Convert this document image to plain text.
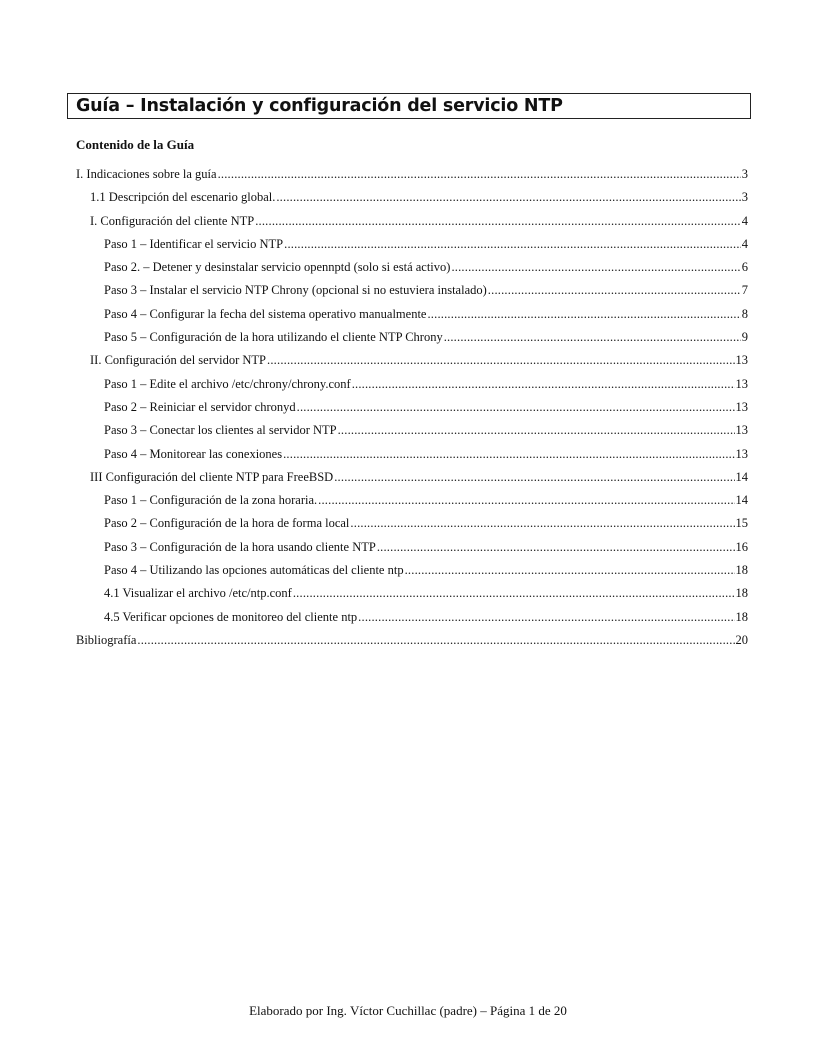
Guía – Instalación y configuración del servicio NTP
Contenido de la Guía
I. Indicaciones sobre la guía .....	3
1.1 Descripción del escenario global. .....	3
I. Configuración del cliente NTP .....	4
Paso 1 – Identificar el servicio NTP .....	4
Paso 2. – Detener y desinstalar servicio opennptd (solo si está activo) .....	6
Paso 3 – Instalar el servicio NTP Chrony (opcional si no estuviera instalado) .....	7
Paso 4 – Configurar la fecha del sistema operativo manualmente .....	8
Paso 5 – Configuración de la hora utilizando el cliente NTP Chrony .....	9
II. Configuración del servidor NTP .....	13
Paso 1 – Edite el archivo /etc/chrony/chrony.conf .....	13
Paso 2 – Reiniciar el servidor chronyd .....	13
Paso 3 – Conectar los clientes al servidor NTP .....	13
Paso 4 – Monitorear las conexiones .....	13
III Configuración del cliente NTP para FreeBSD .....	14
Paso 1 – Configuración de la zona horaria. .....	14
Paso 2 – Configuración de la hora de forma local .....	15
Paso 3 – Configuración de la hora usando cliente NTP .....	16
Paso 4 – Utilizando las opciones automáticas del cliente ntp .....	18
4.1 Visualizar el archivo /etc/ntp.conf .....	18
4.5 Verificar opciones de monitoreo del cliente ntp .....	18
Bibliografía .....	20
Elaborado por Ing. Víctor Cuchillac (padre) – Página 1 de 20
